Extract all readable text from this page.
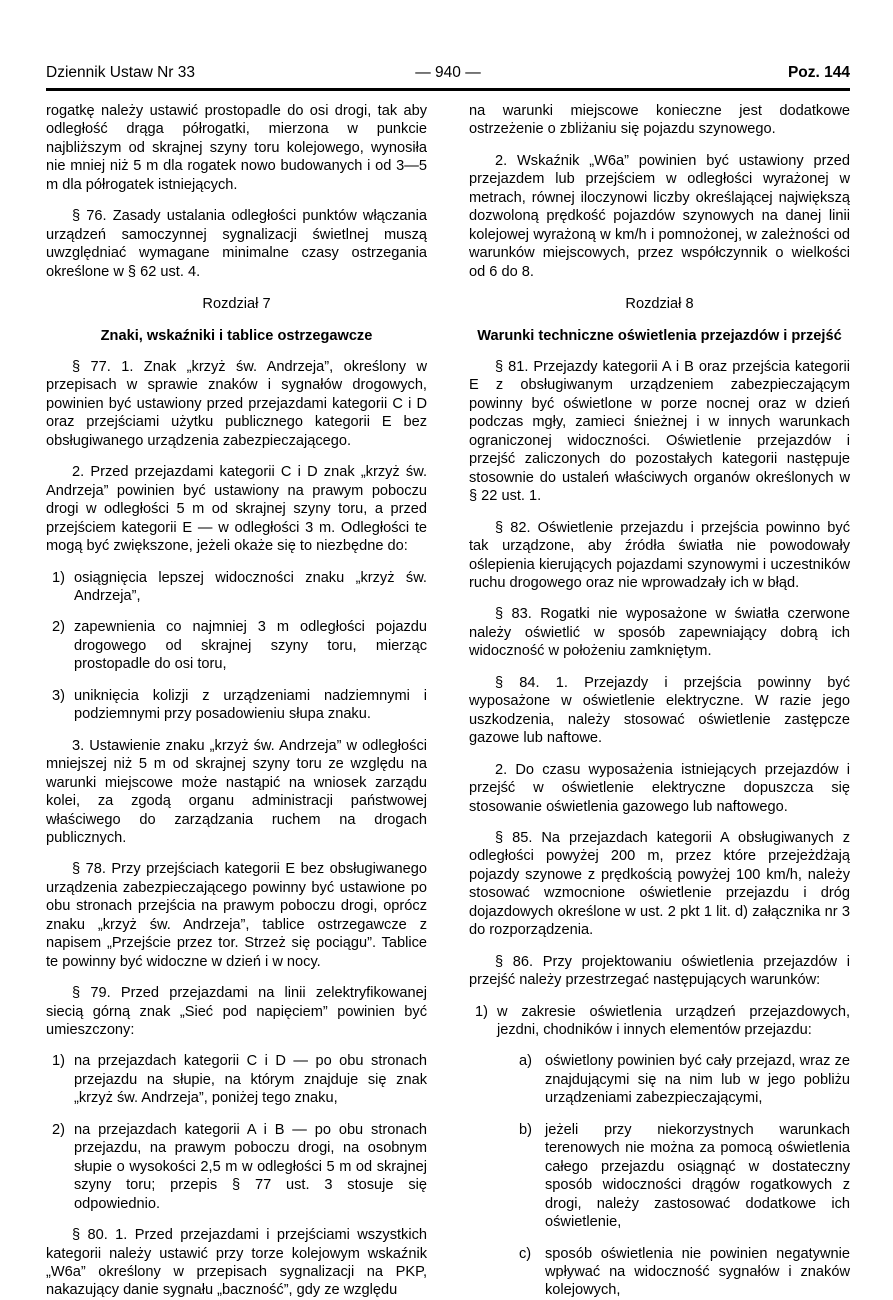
Dziennik Ustaw Nr 33	— 940 —	Poz. 144

rogatkę należy ustawić prostopadle do osi drogi, tak aby odległość drąga półrogatki, mierzona w punkcie najbliższym od skrajnej szyny toru kolejowego, wynosiła nie mniej niż 5 m dla rogatek nowo budowanych i od 3—5 m dla półrogatek istniejących.

§ 76. Zasady ustalania odległości punktów włączania urządzeń samoczynnej sygnalizacji świetlnej muszą uwzględniać wymagane minimalne czasy ostrzegania określone w § 62 ust. 4.

Rozdział 7

Znaki, wskaźniki i tablice ostrzegawcze

§ 77. 1. Znak „krzyż św. Andrzeja”, określony w przepisach w sprawie znaków i sygnałów drogowych, powinien być ustawiony przed przejazdami kategorii C i D oraz przejściami użytku publicznego kategorii E bez obsługiwanego urządzenia zabezpieczającego.

2. Przed przejazdami kategorii C i D znak „krzyż św. Andrzeja” powinien być ustawiony na prawym poboczu drogi w odległości 5 m od skrajnej szyny toru, a przed przejściem kategorii E — w odległości 3 m. Odległości te mogą być zwiększone, jeżeli okaże się to niezbędne do:

1) osiągnięcia lepszej widoczności znaku „krzyż św. Andrzeja”,
2) zapewnienia co najmniej 3 m odległości pojazdu drogowego od skrajnej szyny toru, mierząc prostopadle do osi toru,
3) uniknięcia kolizji z urządzeniami nadziemnymi i podziemnymi przy posadowieniu słupa znaku.

3. Ustawienie znaku „krzyż św. Andrzeja” w odległości mniejszej niż 5 m od skrajnej szyny toru ze względu na warunki miejscowe może nastąpić na wniosek zarządu kolei, za zgodą organu administracji państwowej właściwego do zarządzania ruchem na drogach publicznych.

§ 78. Przy przejściach kategorii E bez obsługiwanego urządzenia zabezpieczającego powinny być ustawione po obu stronach przejścia na prawym poboczu drogi, oprócz znaku „krzyż św. Andrzeja”, tablice ostrzegawcze z napisem „Przejście przez tor. Strzeż się pociągu”. Tablice te powinny być widoczne w dzień i w nocy.

§ 79. Przed przejazdami na linii zelektryfikowanej siecią górną znak „Sieć pod napięciem” powinien być umieszczony:

1) na przejazdach kategorii C i D — po obu stronach przejazdu na słupie, na którym znajduje się znak „krzyż św. Andrzeja”, poniżej tego znaku,
2) na przejazdach kategorii A i B — po obu stronach przejazdu, na prawym poboczu drogi, na osobnym słupie o wysokości 2,5 m w odległości 5 m od skrajnej szyny toru; przepis § 77 ust. 3 stosuje się odpowiednio.

§ 80. 1. Przed przejazdami i przejściami wszystkich kategorii należy ustawić przy torze kolejowym wskaźnik „W6a” określony w przepisach sygnalizacji na PKP, nakazujący danie sygnału „baczność”, gdy ze względu

na warunki miejscowe konieczne jest dodatkowe ostrzeżenie o zbliżaniu się pojazdu szynowego.

2. Wskaźnik „W6a” powinien być ustawiony przed przejazdem lub przejściem w odległości wyrażonej w metrach, równej iloczynowi liczby określającej największą dozwoloną prędkość pojazdów szynowych na danej linii kolejowej wyrażoną w km/h i pomnożonej, w zależności od warunków miejscowych, przez współczynnik o wielkości od 6 do 8.

Rozdział 8

Warunki techniczne oświetlenia przejazdów i przejść

§ 81. Przejazdy kategorii A i B oraz przejścia kategorii E z obsługiwanym urządzeniem zabezpieczającym powinny być oświetlone w porze nocnej oraz w dzień podczas mgły, zamieci śnieżnej i w innych warunkach ograniczonej widoczności. Oświetlenie przejazdów i przejść zaliczonych do pozostałych kategorii następuje stosownie do ustaleń właściwych organów określonych w § 22 ust. 1.

§ 82. Oświetlenie przejazdu i przejścia powinno być tak urządzone, aby źródła światła nie powodowały oślepienia kierujących pojazdami szynowymi i uczestników ruchu drogowego oraz nie wprowadzały ich w błąd.

§ 83. Rogatki nie wyposażone w światła czerwone należy oświetlić w sposób zapewniający dobrą ich widoczność w położeniu zamkniętym.

§ 84. 1. Przejazdy i przejścia powinny być wyposażone w oświetlenie elektryczne. W razie jego uszkodzenia, należy stosować oświetlenie zastępcze gazowe lub naftowe.

2. Do czasu wyposażenia istniejących przejazdów i przejść w oświetlenie elektryczne dopuszcza się stosowanie oświetlenia gazowego lub naftowego.

§ 85. Na przejazdach kategorii A obsługiwanych z odległości powyżej 200 m, przez które przejeżdżają pojazdy szynowe z prędkością powyżej 100 km/h, należy stosować wzmocnione oświetlenie przejazdu i dróg dojazdowych określone w ust. 2 pkt 1 lit. d) załącznika nr 3 do rozporządzenia.

§ 86. Przy projektowaniu oświetlenia przejazdów i przejść należy przestrzegać następujących warunków:

1) w zakresie oświetlenia urządzeń przejazdowych, jezdni, chodników i innych elementów przejazdu:
a) oświetlony powinien być cały przejazd, wraz ze znajdującymi się na nim lub w jego pobliżu urządzeniami zabezpieczającymi,
b) jeżeli przy niekorzystnych warunkach terenowych nie można za pomocą oświetlenia całego przejazdu osiągnąć w dostateczny sposób widoczności drągów rogatkowych z drogi, należy zastosować dodatkowe ich oświetlenie,
c) sposób oświetlenia nie powinien negatywnie wpływać na widoczność sygnałów i znaków kolejowych,
